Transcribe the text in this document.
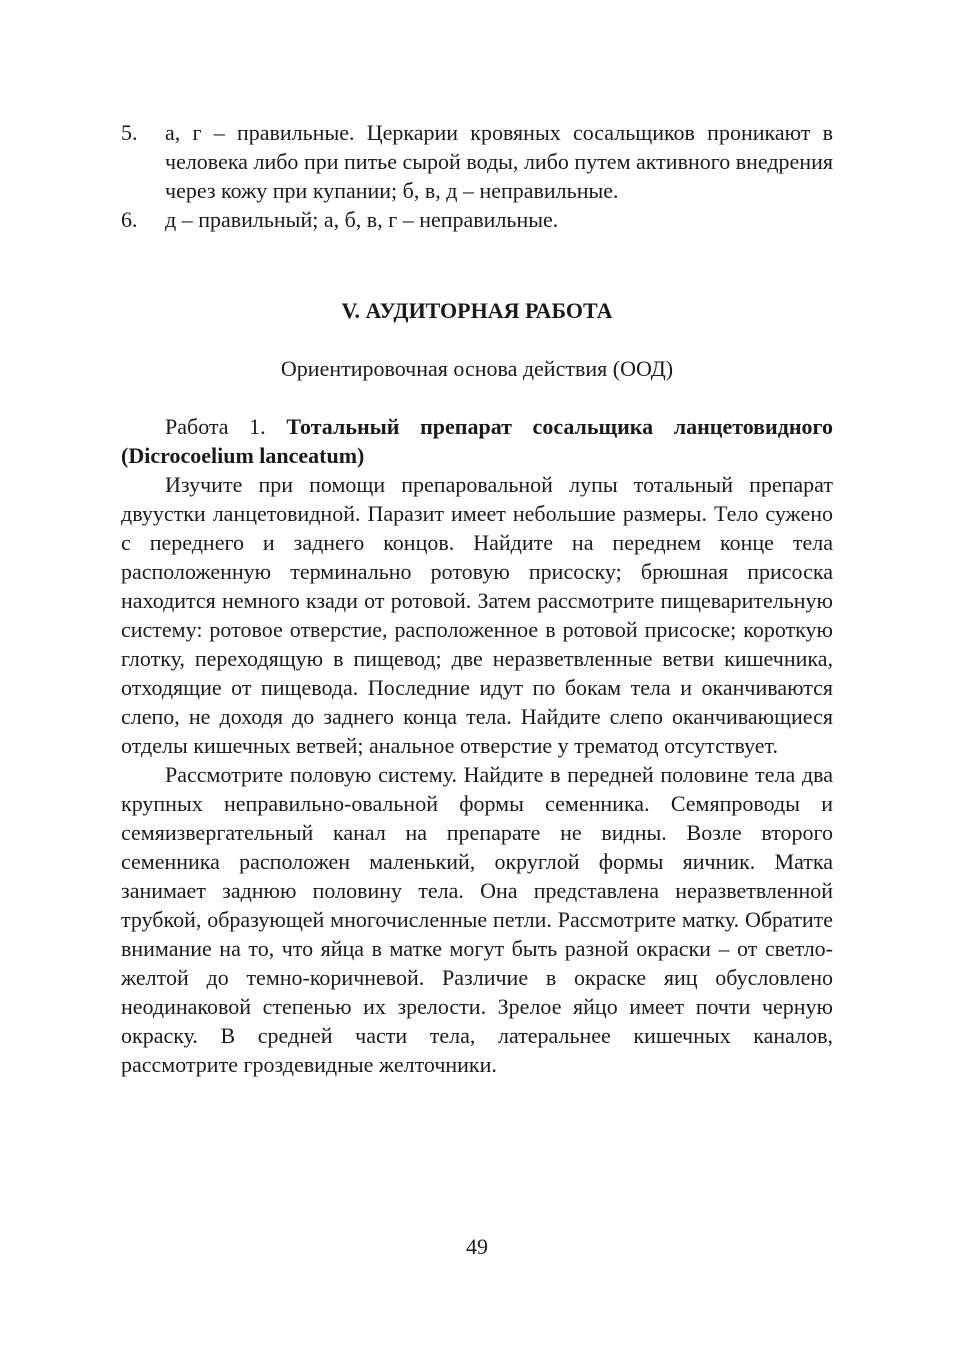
5.	а, г – правильные. Церкарии кровяных сосальщиков проникают в человека либо при питье сырой воды, либо путем активного внедрения через кожу при купании; б, в, д – неправильные.
6.	д – правильный; а, б, в, г – неправильные.
V. АУДИТОРНАЯ РАБОТА
Ориентировочная основа действия (ООД)
Работа 1. Тотальный препарат сосальщика ланцетовидного (Dicrocoelium lanceatum)

Изучите при помощи препаровальной лупы тотальный препарат двуустки ланцетовидной. Паразит имеет небольшие размеры. Тело сужено с переднего и заднего концов. Найдите на переднем конце тела расположенную терминально ротовую присоску; брюшная присоска находится немного кзади от ротовой. Затем рассмотрите пищеварительную систему: ротовое отверстие, расположенное в ротовой присоске; короткую глотку, переходящую в пищевод; две неразветвленные ветви кишечника, отходящие от пищевода. Последние идут по бокам тела и оканчиваются слепо, не доходя до заднего конца тела. Найдите слепо оканчивающиеся отделы кишечных ветвей; анальное отверстие у трематод отсутствует.

Рассмотрите половую систему. Найдите в передней половине тела два крупных неправильно-овальной формы семенника. Семяпроводы и семяизвергательный канал на препарате не видны. Возле второго семенника расположен маленький, округлой формы яичник. Матка занимает заднюю половину тела. Она представлена неразветвленной трубкой, образующей многочисленные петли. Рассмотрите матку. Обратите внимание на то, что яйца в матке могут быть разной окраски – от светло-желтой до темно-коричневой. Различие в окраске яиц обусловлено неодинаковой степенью их зрелости. Зрелое яйцо имеет почти черную окраску. В средней части тела, латеральнее кишечных каналов, рассмотрите гроздевидные желточники.

49
